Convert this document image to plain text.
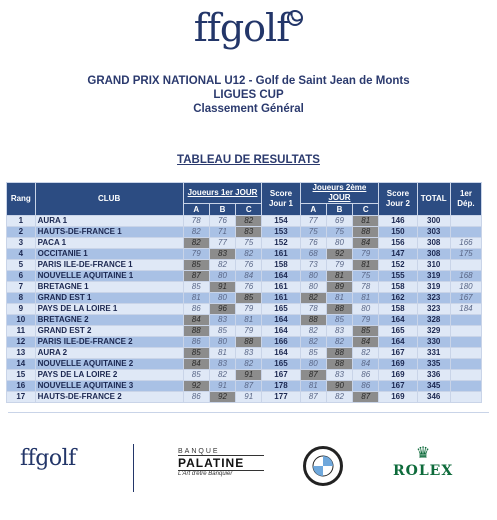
ffgolf
GRAND PRIX NATIONAL U12 - Golf de Saint Jean de Monts
LIGUES CUP
Classement Général
TABLEAU DE RESULTATS
Rang	CLUB	Joueurs 1er JOUR			Score Jour 1	Joueurs 2ème JOUR			Score Jour 2	TOTAL	1er Dép.
		A	B	C		A	B	C			
1	AURA 1	78	76	82	154	77	69	81	146	300	
2	HAUTS-DE-FRANCE 1	82	71	83	153	75	75	88	150	303	
3	PACA 1	82	77	75	152	76	80	84	156	308	166
4	OCCITANIE 1	79	83	82	161	68	92	79	147	308	175
5	PARIS ILE-DE-FRANCE 1	85	82	76	158	73	79	81	152	310	
6	NOUVELLE AQUITAINE 1	87	80	84	164	80	81	75	155	319	168
7	BRETAGNE 1	85	91	76	161	80	89	78	158	319	180
8	GRAND EST 1	81	80	85	161	82	81	81	162	323	167
9	PAYS DE LA LOIRE 1	86	96	79	165	78	88	80	158	323	184
10	BRETAGNE 2	84	83	81	164	88	85	79	164	328	
11	GRAND EST 2	88	85	79	164	82	83	85	165	329	
12	PARIS ILE-DE-FRANCE 2	86	80	88	166	82	82	84	164	330	
13	AURA 2	85	81	83	164	85	88	82	167	331	
14	NOUVELLE AQUITAINE 2	84	83	82	165	80	88	84	169	335	
15	PAYS DE LA LOIRE 2	85	82	91	167	87	83	86	169	336	
16	NOUVELLE AQUITAINE 3	92	91	87	178	81	90	86	167	345	
17	HAUTS-DE-FRANCE 2	86	92	91	177	87	82	87	169	346	
ffgolf	BANQUE
PALATINE
L'Art d'être Banquier
♛
ROLEX
